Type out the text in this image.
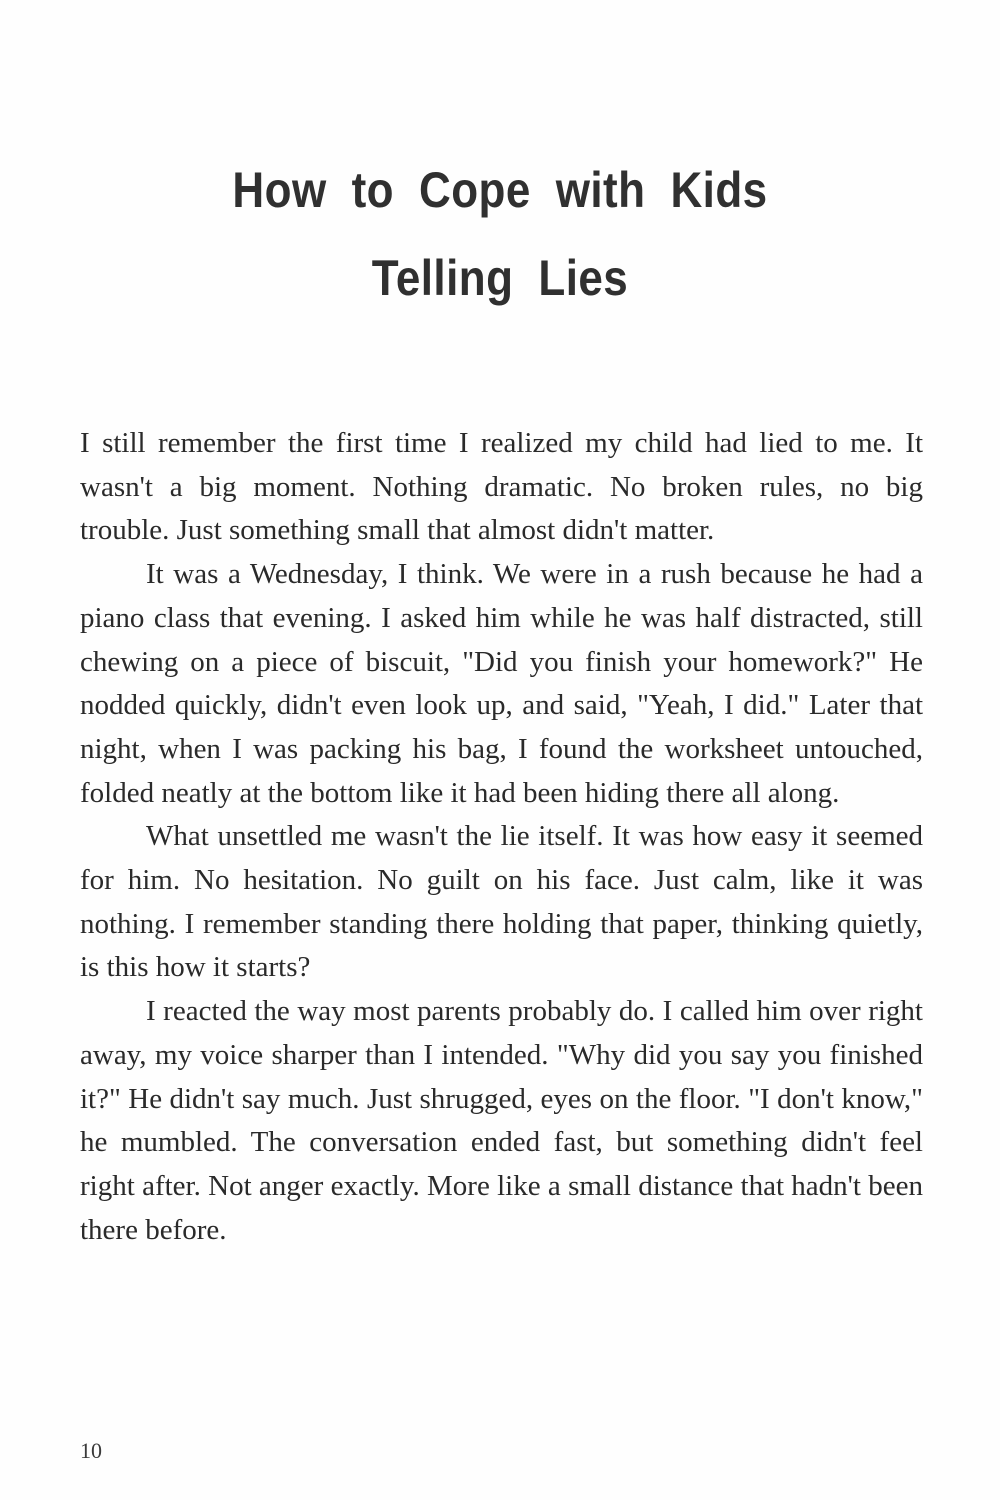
How to Cope with Kids
Telling Lies

I still remember the first time I realized my child had lied to me. It wasn't a big moment. Nothing dramatic. No broken rules, no big trouble. Just something small that almost didn't matter.

It was a Wednesday, I think. We were in a rush because he had a piano class that evening. I asked him while he was half distracted, still chewing on a piece of biscuit, "Did you finish your homework?" He nodded quickly, didn't even look up, and said, "Yeah, I did." Later that night, when I was packing his bag, I found the worksheet untouched, folded neatly at the bottom like it had been hiding there all along.

What unsettled me wasn't the lie itself. It was how easy it seemed for him. No hesitation. No guilt on his face. Just calm, like it was nothing. I remember standing there holding that paper, thinking quietly, is this how it starts?

I reacted the way most parents probably do. I called him over right away, my voice sharper than I intended. "Why did you say you finished it?" He didn't say much. Just shrugged, eyes on the floor. "I don't know," he mumbled. The conversation ended fast, but something didn't feel right after. Not anger exactly. More like a small distance that hadn't been there before.

10
